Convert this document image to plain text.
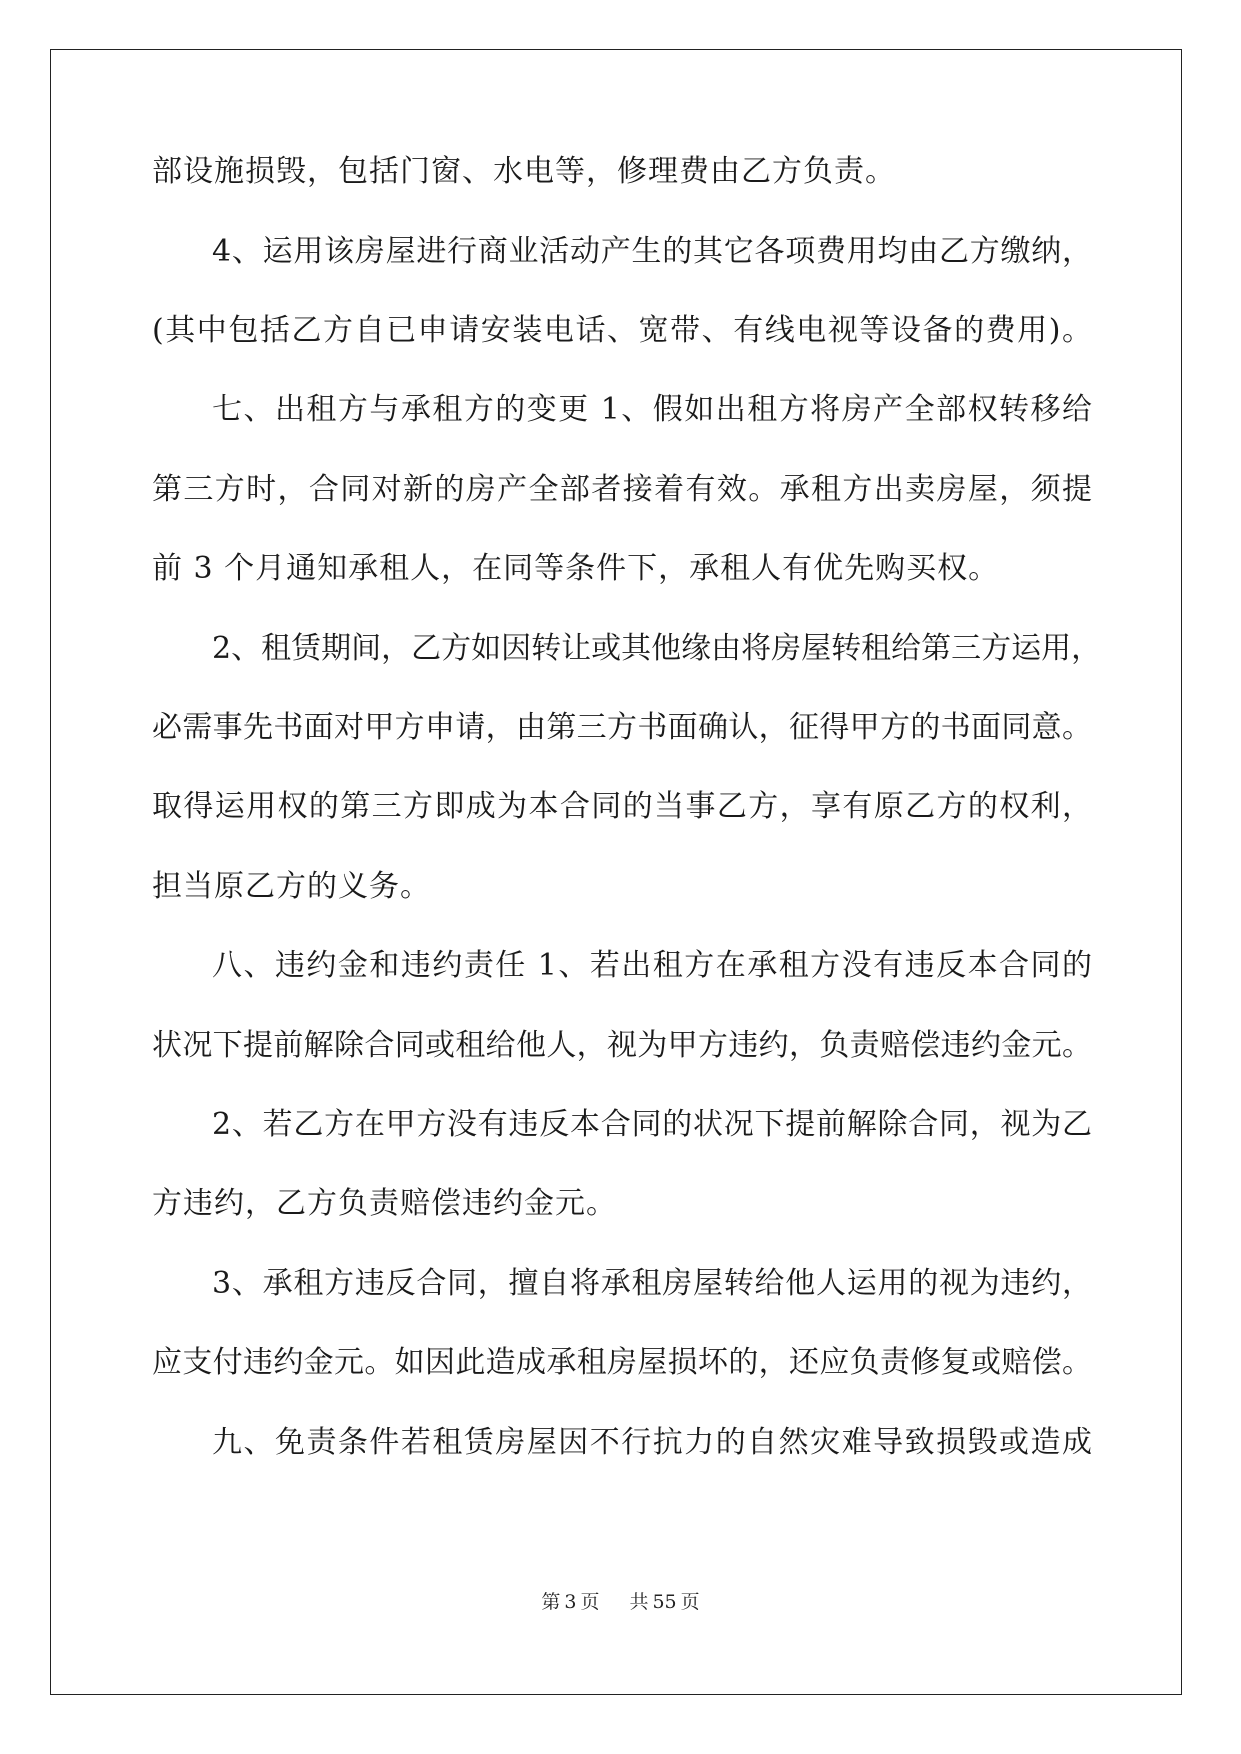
部设施损毁，包括门窗、水电等，修理费由乙方负责。
4、运用该房屋进行商业活动产生的其它各项费用均由乙方缴纳，
(其中包括乙方自已申请安装电话、宽带、有线电视等设备的费用)。
七、出租方与承租方的变更 1、假如出租方将房产全部权转移给
第三方时，合同对新的房产全部者接着有效。承租方出卖房屋，须提
前 3 个月通知承租人，在同等条件下，承租人有优先购买权。
2、租赁期间，乙方如因转让或其他缘由将房屋转租给第三方运用，
必需事先书面对甲方申请，由第三方书面确认，征得甲方的书面同意。
取得运用权的第三方即成为本合同的当事乙方，享有原乙方的权利，
担当原乙方的义务。
八、违约金和违约责任 1、若出租方在承租方没有违反本合同的
状况下提前解除合同或租给他人，视为甲方违约，负责赔偿违约金元。
2、若乙方在甲方没有违反本合同的状况下提前解除合同，视为乙
方违约，乙方负责赔偿违约金元。
3、承租方违反合同，擅自将承租房屋转给他人运用的视为违约，
应支付违约金元。如因此造成承租房屋损坏的，还应负责修复或赔偿。
九、免责条件若租赁房屋因不行抗力的自然灾难导致损毁或造成
第 3 页 共 55 页
